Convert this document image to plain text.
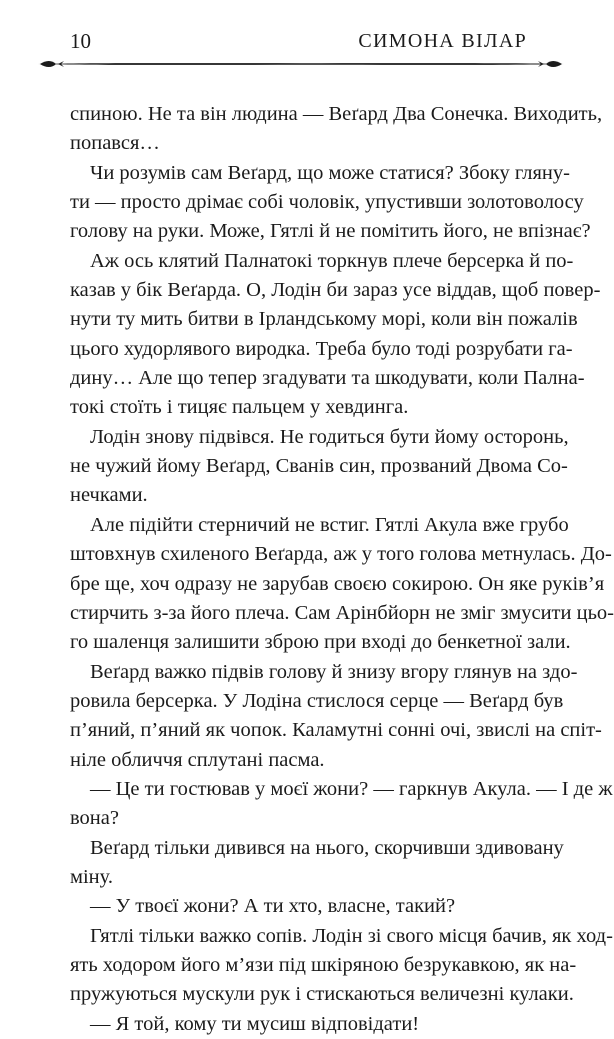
10	СИМОНА ВІЛАР
спиною. Не та він людина — Веґард Два Сонечка. Виходить,
попався…
Чи розумів сам Веґард, що може статися? Збоку гляну-
ти — просто дрімає собі чоловік, упустивши золотоволосу
голову на руки. Може, Гятлі й не помітить його, не впізнає?
Аж ось клятий Палнатокі торкнув плече берсерка й по-
казав у бік Веґарда. О, Лодін би зараз усе віддав, щоб повер-
нути ту мить битви в Ірландському морі, коли він пожалів
цього худорлявого виродка. Треба було тоді розрубати га-
дину… Але що тепер згадувати та шкодувати, коли Пална-
токі стоїть і тицяє пальцем у хевдинга.
Лодін знову підвівся. Не годиться бути йому осторонь,
не чужий йому Веґард, Сванів син, прозваний Двома Со-
нечками.
Але підійти стерничий не встиг. Гятлі Акула вже грубо
штовхнув схиленого Веґарда, аж у того голова метнулась. До-
бре ще, хоч одразу не зарубав своєю сокирою. Он яке руків’я
стирчить з-за його плеча. Сам Арінбйорн не зміг змусити цьо-
го шаленця залишити зброю при вході до бенкетної зали.
Веґард важко підвів голову й знизу вгору глянув на здо-
ровила берсерка. У Лодіна стислося серце — Веґард був
п’яний, п’яний як чопок. Каламутні сонні очі, звислі на спіт-
ніле обличчя сплутані пасма.
— Це ти гостював у моєї жони? — гаркнув Акула. — І де ж
вона?
Веґард тільки дивився на нього, скорчивши здивовану
міну.
— У твоєї жони? А ти хто, власне, такий?
Гятлі тільки важко сопів. Лодін зі свого місця бачив, як ход-
ять ходором його м’язи під шкіряною безрукавкою, як на-
пружуються мускули рук і стискаються величезні кулаки.
— Я той, кому ти мусиш відповідати!
